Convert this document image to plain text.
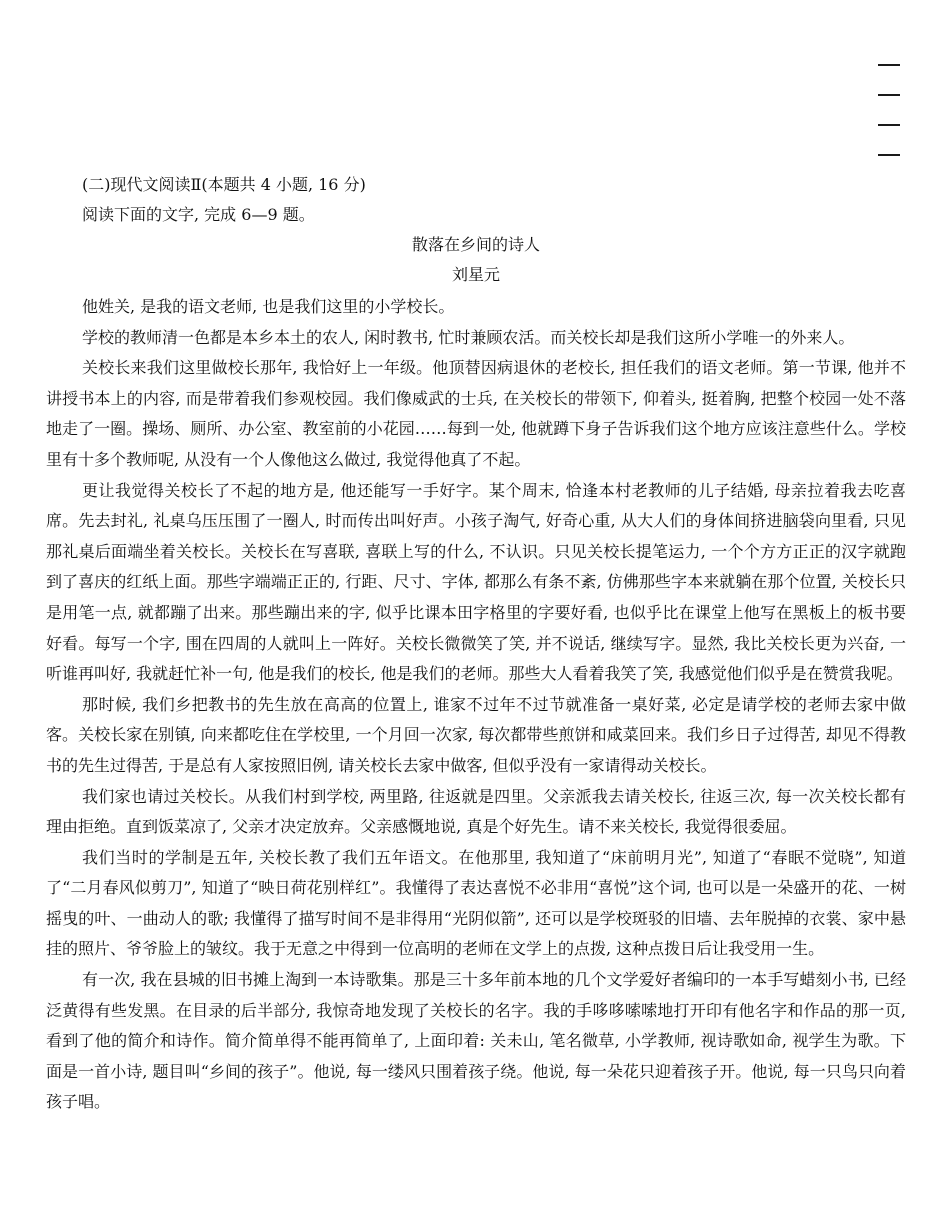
(二)现代文阅读Ⅱ(本题共 4 小题, 16 分)
阅读下面的文字, 完成 6—9 题。
散落在乡间的诗人
刘星元

他姓关, 是我的语文老师, 也是我们这里的小学校长。

学校的教师清一色都是本乡本土的农人, 闲时教书, 忙时兼顾农活。而关校长却是我们这所小学唯一的外来人。

关校长来我们这里做校长那年, 我恰好上一年级。他顶替因病退休的老校长, 担任我们的语文老师。第一节课, 他并不讲授书本上的内容, 而是带着我们参观校园。我们像威武的士兵, 在关校长的带领下, 仰着头, 挺着胸, 把整个校园一处不落地走了一圈。操场、厕所、办公室、教室前的小花园……每到一处, 他就蹲下身子告诉我们这个地方应该注意些什么。学校里有十多个教师呢, 从没有一个人像他这么做过, 我觉得他真了不起。

更让我觉得关校长了不起的地方是, 他还能写一手好字。某个周末, 恰逢本村老教师的儿子结婚, 母亲拉着我去吃喜席。先去封礼, 礼桌乌压压围了一圈人, 时而传出叫好声。小孩子淘气, 好奇心重, 从大人们的身体间挤进脑袋向里看, 只见那礼桌后面端坐着关校长。关校长在写喜联, 喜联上写的什么, 不认识。只见关校长提笔运力, 一个个方方正正的汉字就跑到了喜庆的红纸上面。那些字端端正正的, 行距、尺寸、字体, 都那么有条不紊, 仿佛那些字本来就躺在那个位置, 关校长只是用笔一点, 就都蹦了出来。那些蹦出来的字, 似乎比课本田字格里的字要好看, 也似乎比在课堂上他写在黑板上的板书要好看。每写一个字, 围在四周的人就叫上一阵好。关校长微微笑了笑, 并不说话, 继续写字。显然, 我比关校长更为兴奋, 一听谁再叫好, 我就赶忙补一句, 他是我们的校长, 他是我们的老师。那些大人看着我笑了笑, 我感觉他们似乎是在赞赏我呢。

那时候, 我们乡把教书的先生放在高高的位置上, 谁家不过年不过节就准备一桌好菜, 必定是请学校的老师去家中做客。关校长家在别镇, 向来都吃住在学校里, 一个月回一次家, 每次都带些煎饼和咸菜回来。我们乡日子过得苦, 却见不得教书的先生过得苦, 于是总有人家按照旧例, 请关校长去家中做客, 但似乎没有一家请得动关校长。

我们家也请过关校长。从我们村到学校, 两里路, 往返就是四里。父亲派我去请关校长, 往返三次, 每一次关校长都有理由拒绝。直到饭菜凉了, 父亲才决定放弃。父亲感慨地说, 真是个好先生。请不来关校长, 我觉得很委屈。

我们当时的学制是五年, 关校长教了我们五年语文。在他那里, 我知道了“床前明月光”, 知道了“春眠不觉晓”, 知道了“二月春风似剪刀”, 知道了“映日荷花别样红”。我懂得了表达喜悦不必非用“喜悦”这个词, 也可以是一朵盛开的花、一树摇曳的叶、一曲动人的歌; 我懂得了描写时间不是非得用“光阴似箭”, 还可以是学校斑驳的旧墙、去年脱掉的衣裳、家中悬挂的照片、爷爷脸上的皱纹。我于无意之中得到一位高明的老师在文学上的点拨, 这种点拨日后让我受用一生。

有一次, 我在县城的旧书摊上淘到一本诗歌集。那是三十多年前本地的几个文学爱好者编印的一本手写蜡刻小书, 已经泛黄得有些发黑。在目录的后半部分, 我惊奇地发现了关校长的名字。我的手哆哆嗦嗦地打开印有他名字和作品的那一页, 看到了他的简介和诗作。简介简单得不能再简单了, 上面印着: 关未山, 笔名微草, 小学教师, 视诗歌如命, 视学生为歌。下面是一首小诗, 题目叫“乡间的孩子”。他说, 每一缕风只围着孩子绕。他说, 每一朵花只迎着孩子开。他说, 每一只鸟只向着孩子唱。
